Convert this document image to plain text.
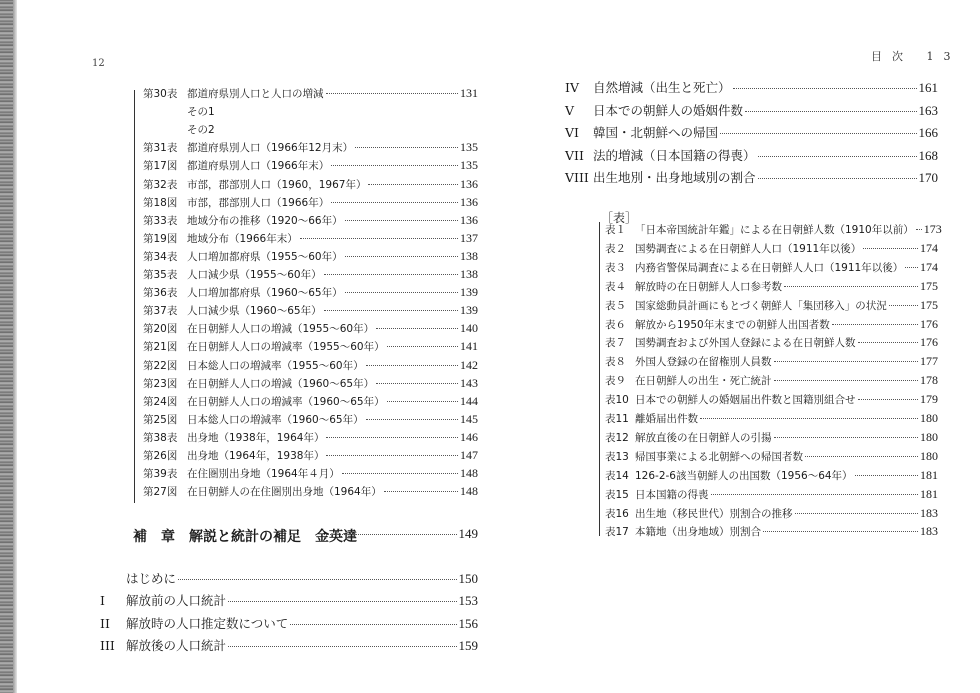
12
目次 13
第30表 都道府県別人口と人口の増減	131
その1
その2
第31表 都道府県別人口（1966年12月末）	135
第17図 都道府県別人口（1966年末）	135
第32表 市部，郡部別人口（1960，1967年）	136
第18図 市部，郡部別人口（1966年）	136
第33表 地域分布の推移（1920～66年）	136
第19図 地域分布（1966年末）	137
第34表 人口増加都府県（1955～60年）	138
第35表 人口減少県（1955～60年）	138
第36表 人口増加都府県（1960～65年）	139
第37表 人口減少県（1960～65年）	139
第20図 在日朝鮮人人口の増減（1955～60年）	140
第21図 在日朝鮮人人口の増減率（1955～60年）	141
第22図 日本総人口の増減率（1955～60年）	142
第23図 在日朝鮮人人口の増減（1960～65年）	143
第24図 在日朝鮮人人口の増減率（1960～65年）	144
第25図 日本総人口の増減率（1960～65年）	145
第38表 出身地（1938年，1964年）	146
第26図 出身地（1964年，1938年）	147
第39表 在住圏別出身地（1964年４月）	148
第27図 在日朝鮮人の在住圏別出身地（1964年）	148
補　章　解説と統計の補足　金英達	149
はじめに	150
I	解放前の人口統計	153
II	解放時の人口推定数について	156
III 解放後の人口統計	159
IV	自然増減（出生と死亡）	161
V	日本での朝鮮人の婚姻件数	163
VI	韓国・北朝鮮への帰国	166
VII 法的増減（日本国籍の得喪）	168
VIII 出生地別・出身地域別の割合	170
［表］
表１ 「日本帝国統計年鑑」による在日朝鮮人数（1910年以前） 173
表２ 国勢調査による在日朝鮮人人口（1911年以後）	174
表３ 内務省警保局調査による在日朝鮮人人口（1911年以後） 174
表４ 解放時の在日朝鮮人人口参考数	175
表５ 国家総動員計画にもとづく朝鮮人「集団移入」の状況	175
表６ 解放から1950年末までの朝鮮人出国者数	176
表７ 国勢調査および外国人登録による在日朝鮮人数	176
表８ 外国人登録の在留権別人員数	177
表９ 在日朝鮮人の出生・死亡統計	178
表10 日本での朝鮮人の婚姻届出件数と国籍別組合せ	179
表11 離婚届出件数	180
表12 解放直後の在日朝鮮人の引揚	180
表13 帰国事業による北朝鮮への帰国者数	180
表14 126-2-6該当朝鮮人の出国数（1956～64年）	181
表15 日本国籍の得喪	181
表16 出生地（移民世代）別割合の推移	183
表17 本籍地（出身地域）別割合	183
